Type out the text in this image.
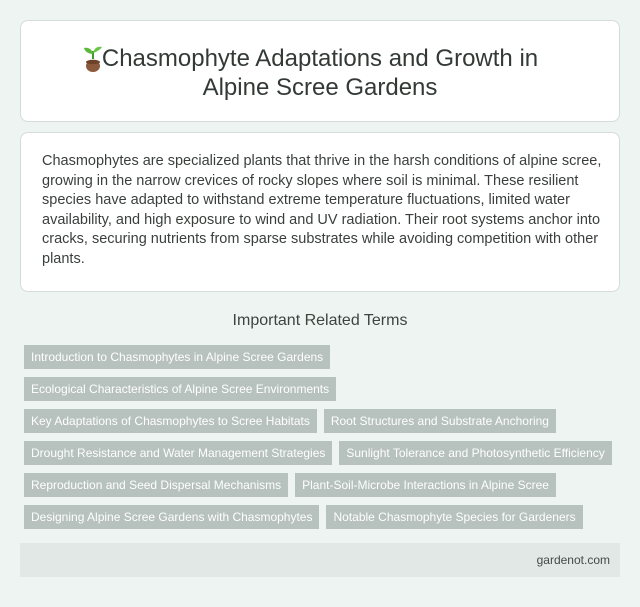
Chasmophyte Adaptations and Growth in
Alpine Scree Gardens
Chasmophytes are specialized plants that thrive in the harsh conditions of alpine scree, growing in the narrow crevices of rocky slopes where soil is minimal. These resilient species have adapted to withstand extreme temperature fluctuations, limited water availability, and high exposure to wind and UV radiation. Their root systems anchor into cracks, securing nutrients from sparse substrates while avoiding competition with other plants.
Important Related Terms
Introduction to Chasmophytes in Alpine Scree Gardens
Ecological Characteristics of Alpine Scree Environments
Key Adaptations of Chasmophytes to Scree Habitats	Root Structures and Substrate Anchoring
Drought Resistance and Water Management Strategies	Sunlight Tolerance and Photosynthetic Efficiency
Reproduction and Seed Dispersal Mechanisms	Plant-Soil-Microbe Interactions in Alpine Scree
Designing Alpine Scree Gardens with Chasmophytes	Notable Chasmophyte Species for Gardeners
gardenot.com
